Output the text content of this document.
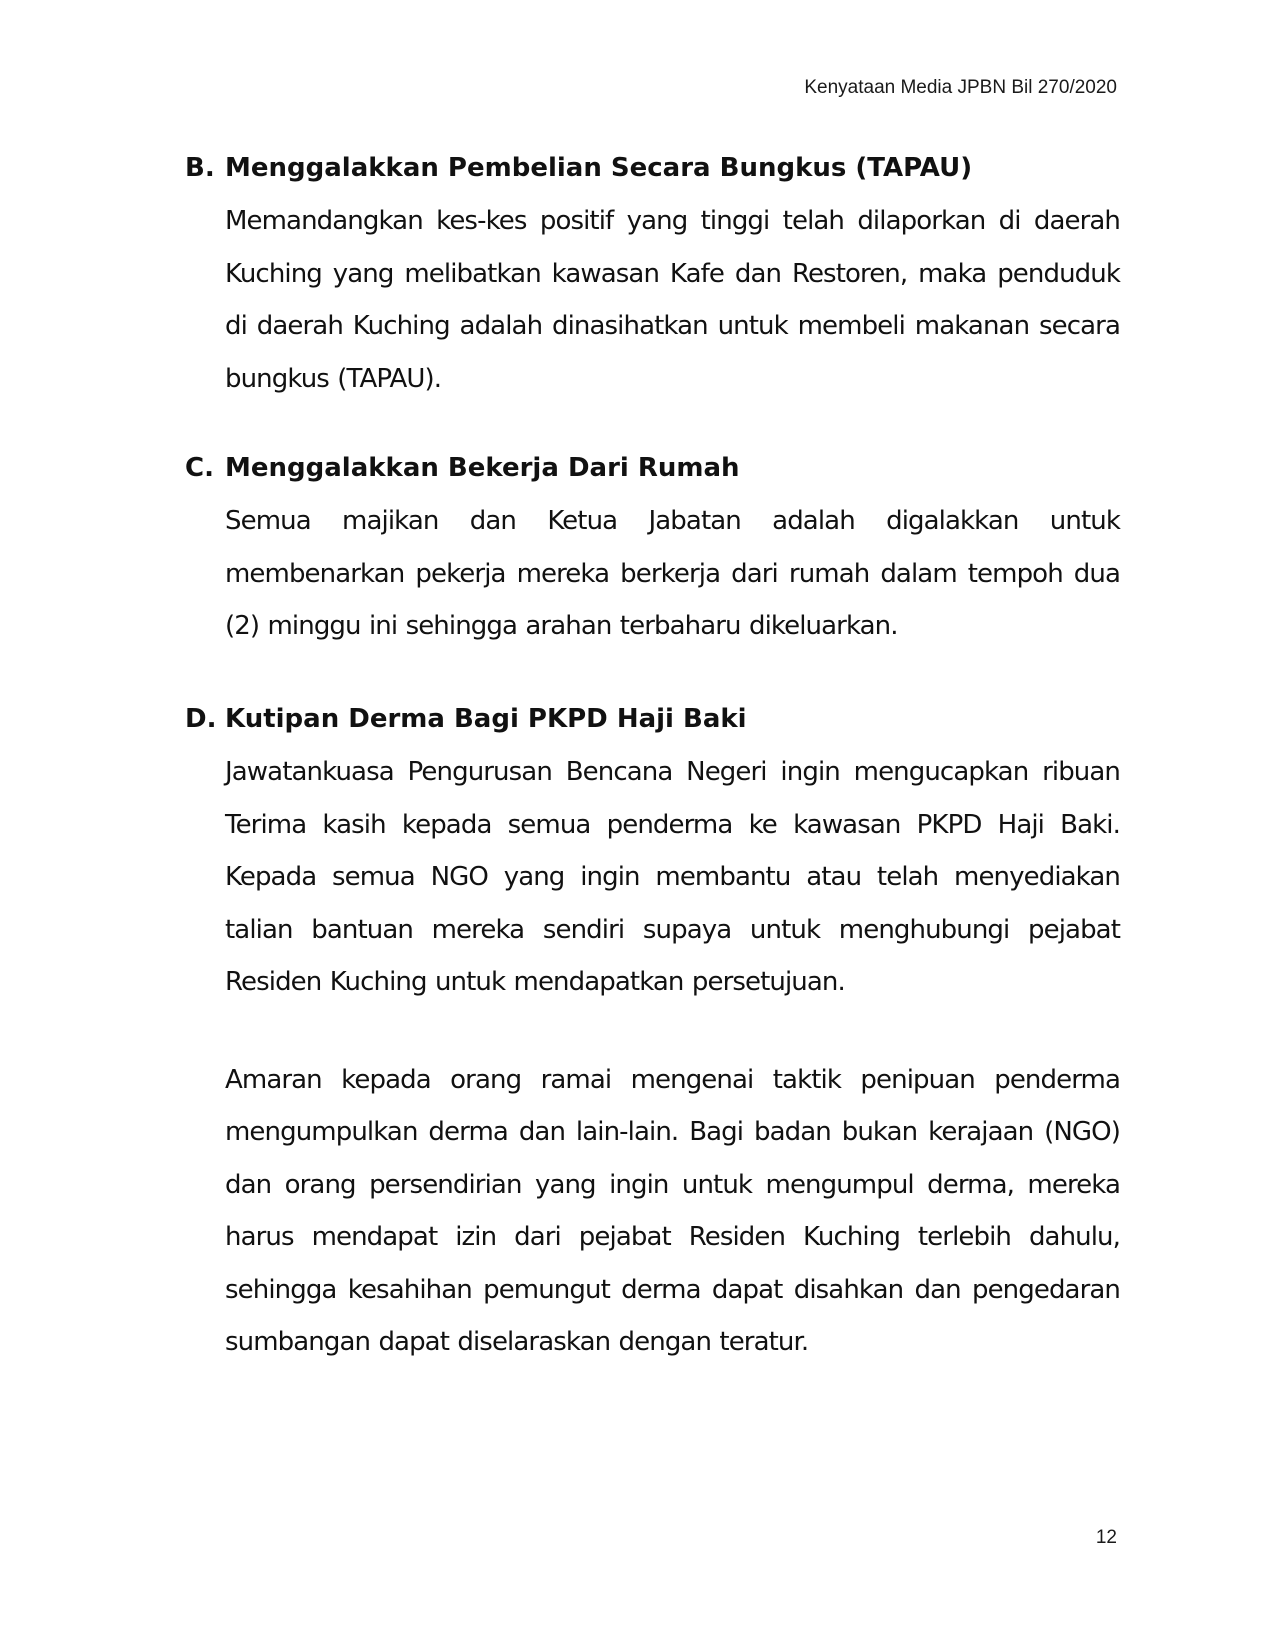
Kenyataan Media JPBN Bil 270/2020
B. Menggalakkan Pembelian Secara Bungkus (TAPAU)
Memandangkan kes-kes positif yang tinggi telah dilaporkan di daerah Kuching yang melibatkan kawasan Kafe dan Restoren, maka penduduk di daerah Kuching adalah dinasihatkan untuk membeli makanan secara bungkus (TAPAU).
C. Menggalakkan Bekerja Dari Rumah
Semua majikan dan Ketua Jabatan adalah digalakkan untuk membenarkan pekerja mereka berkerja dari rumah dalam tempoh dua (2) minggu ini sehingga arahan terbaharu dikeluarkan.
D. Kutipan Derma Bagi PKPD Haji Baki
Jawatankuasa Pengurusan Bencana Negeri ingin mengucapkan ribuan Terima kasih kepada semua penderma ke kawasan PKPD Haji Baki. Kepada semua NGO yang ingin membantu atau telah menyediakan talian bantuan mereka sendiri supaya untuk menghubungi pejabat Residen Kuching untuk mendapatkan persetujuan.
Amaran kepada orang ramai mengenai taktik penipuan penderma mengumpulkan derma dan lain-lain. Bagi badan bukan kerajaan (NGO) dan orang persendirian yang ingin untuk mengumpul derma, mereka harus mendapat izin dari pejabat Residen Kuching terlebih dahulu, sehingga kesahihan pemungut derma dapat disahkan dan pengedaran sumbangan dapat diselaraskan dengan teratur.
12
